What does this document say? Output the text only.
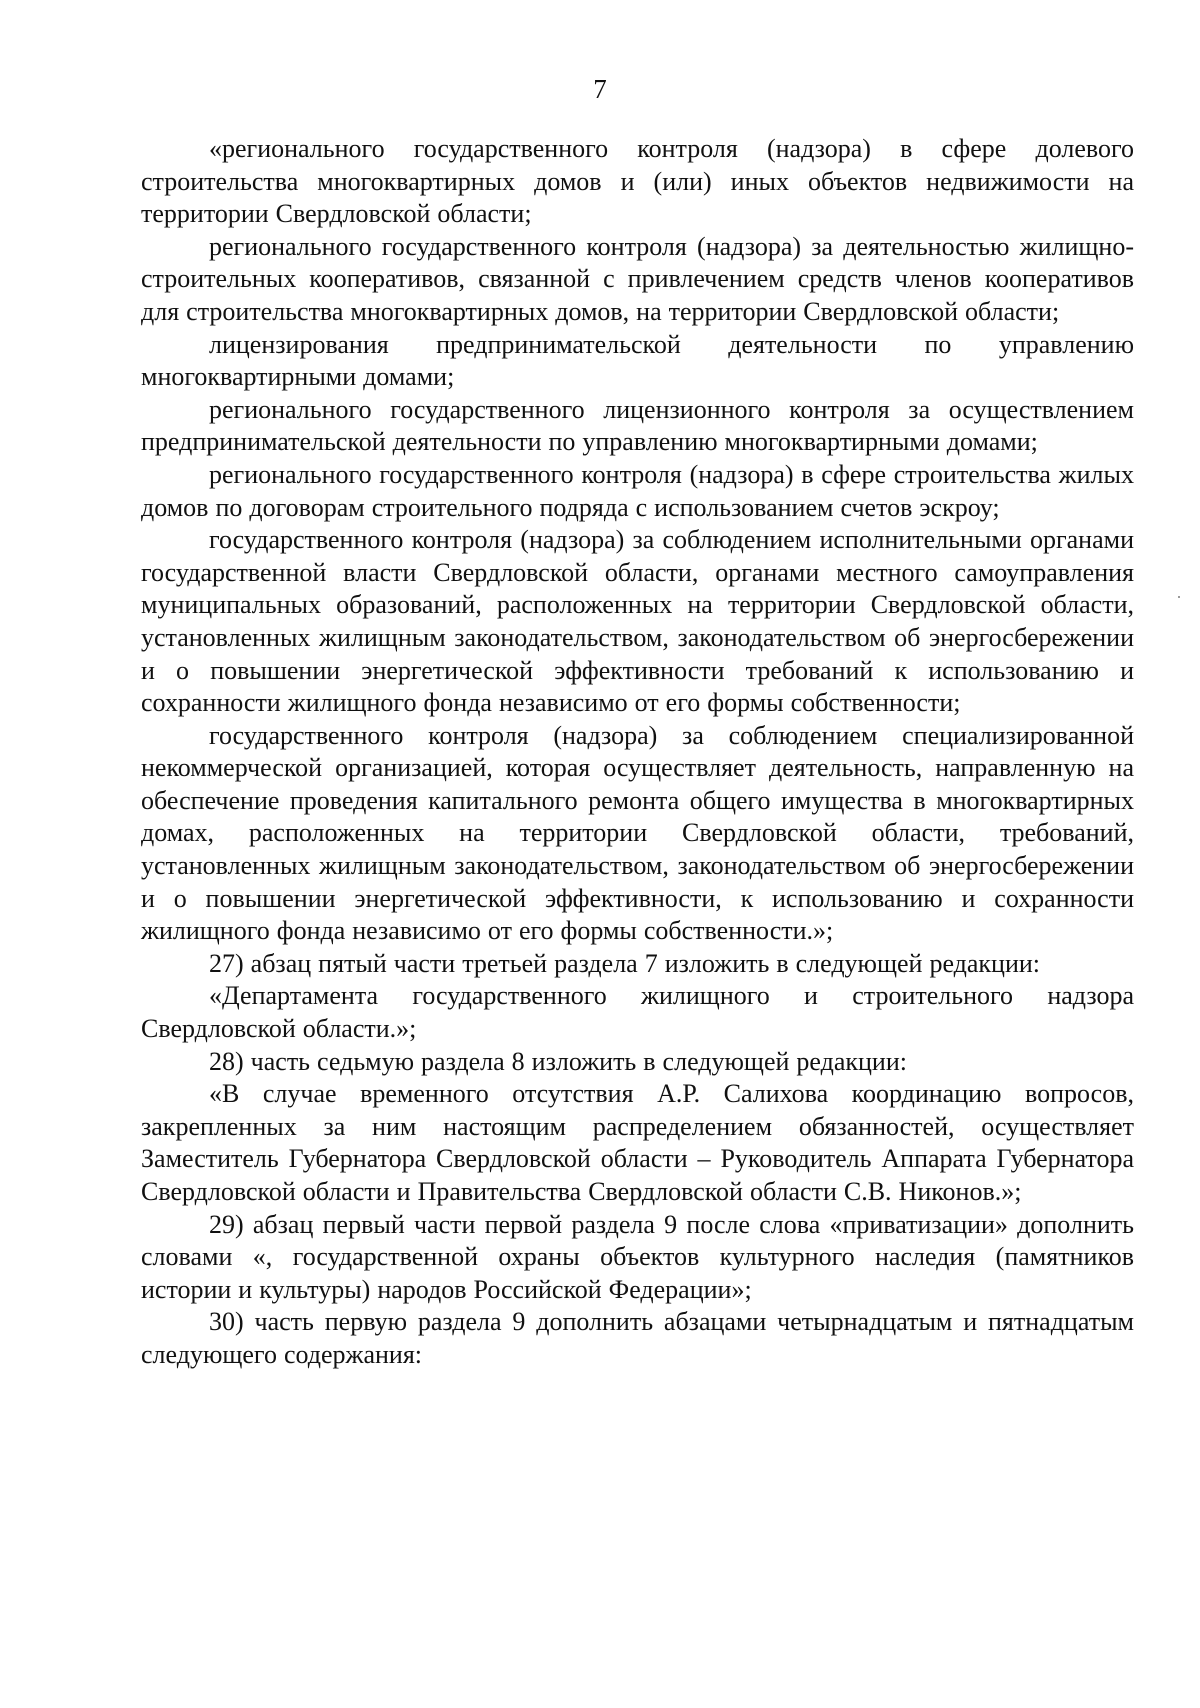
7

«регионального государственного контроля (надзора) в сфере долевого строительства многоквартирных домов и (или) иных объектов недвижимости на территории Свердловской области;

регионального государственного контроля (надзора) за деятельностью жилищно-строительных кооперативов, связанной с привлечением средств членов кооперативов для строительства многоквартирных домов, на территории Свердловской области;

лицензирования предпринимательской деятельности по управлению многоквартирными домами;

регионального государственного лицензионного контроля за осуществлением предпринимательской деятельности по управлению многоквартирными домами;

регионального государственного контроля (надзора) в сфере строительства жилых домов по договорам строительного подряда с использованием счетов эскроу;

государственного контроля (надзора) за соблюдением исполнительными органами государственной власти Свердловской области, органами местного самоуправления муниципальных образований, расположенных на территории Свердловской области, установленных жилищным законодательством, законодательством об энергосбережении и о повышении энергетической эффективности требований к использованию и сохранности жилищного фонда независимо от его формы собственности;

государственного контроля (надзора) за соблюдением специализированной некоммерческой организацией, которая осуществляет деятельность, направленную на обеспечение проведения капитального ремонта общего имущества в многоквартирных домах, расположенных на территории Свердловской области, требований, установленных жилищным законодательством, законодательством об энергосбережении и о повышении энергетической эффективности, к использованию и сохранности жилищного фонда независимо от его формы собственности.»;

27) абзац пятый части третьей раздела 7 изложить в следующей редакции:

«Департамента государственного жилищного и строительного надзора Свердловской области.»;

28) часть седьмую раздела 8 изложить в следующей редакции:

«В случае временного отсутствия А.Р. Салихова координацию вопросов, закрепленных за ним настоящим распределением обязанностей, осуществляет Заместитель Губернатора Свердловской области – Руководитель Аппарата Губернатора Свердловской области и Правительства Свердловской области С.В. Никонов.»;

29) абзац первый части первой раздела 9 после слова «приватизации» дополнить словами «, государственной охраны объектов культурного наследия (памятников истории и культуры) народов Российской Федерации»;

30) часть первую раздела 9 дополнить абзацами четырнадцатым и пятнадцатым следующего содержания:
